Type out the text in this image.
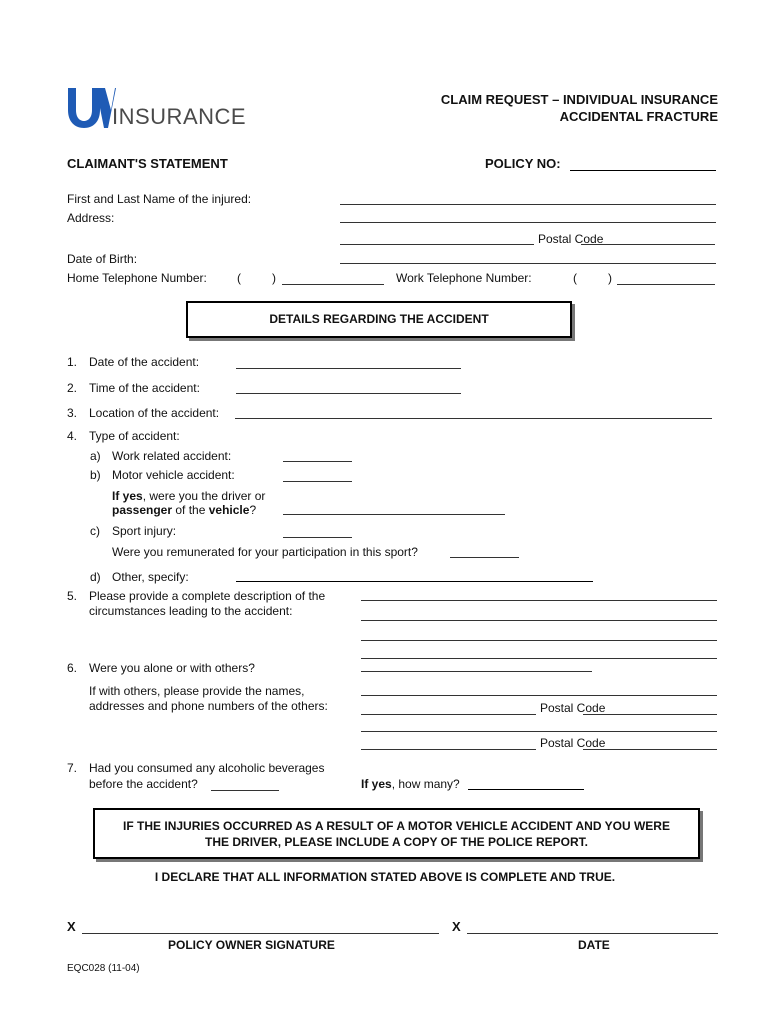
INSURANCE
CLAIM REQUEST – INDIVIDUAL INSURANCE
ACCIDENTAL FRACTURE
CLAIMANT'S STATEMENT	POLICY NO:
First and Last Name of the injured:
Address:
Postal Code
Date of Birth:
Home Telephone Number:	(	)	Work Telephone Number:	(	)
DETAILS REGARDING THE ACCIDENT
1. Date of the accident:
2. Time of the accident:
3. Location of the accident:
4. Type of accident:
a) Work related accident:
b) Motor vehicle accident:
If yes, were you the driver or
passenger of the vehicle?
c) Sport injury:
Were you remunerated for your participation in this sport?
d) Other, specify:
5. Please provide a complete description of the
circumstances leading to the accident:
6. Were you alone or with others?
If with others, please provide the names,
addresses and phone numbers of the others:	Postal Code
Postal Code
7. Had you consumed any alcoholic beverages
before the accident?	If yes, how many?
IF THE INJURIES OCCURRED AS A RESULT OF A MOTOR VEHICLE ACCIDENT AND YOU WERE
THE DRIVER, PLEASE INCLUDE A COPY OF THE POLICE REPORT.
I DECLARE THAT ALL INFORMATION STATED ABOVE IS COMPLETE AND TRUE.
X
POLICY OWNER SIGNATURE
X
DATE
EQC028 (11-04)
